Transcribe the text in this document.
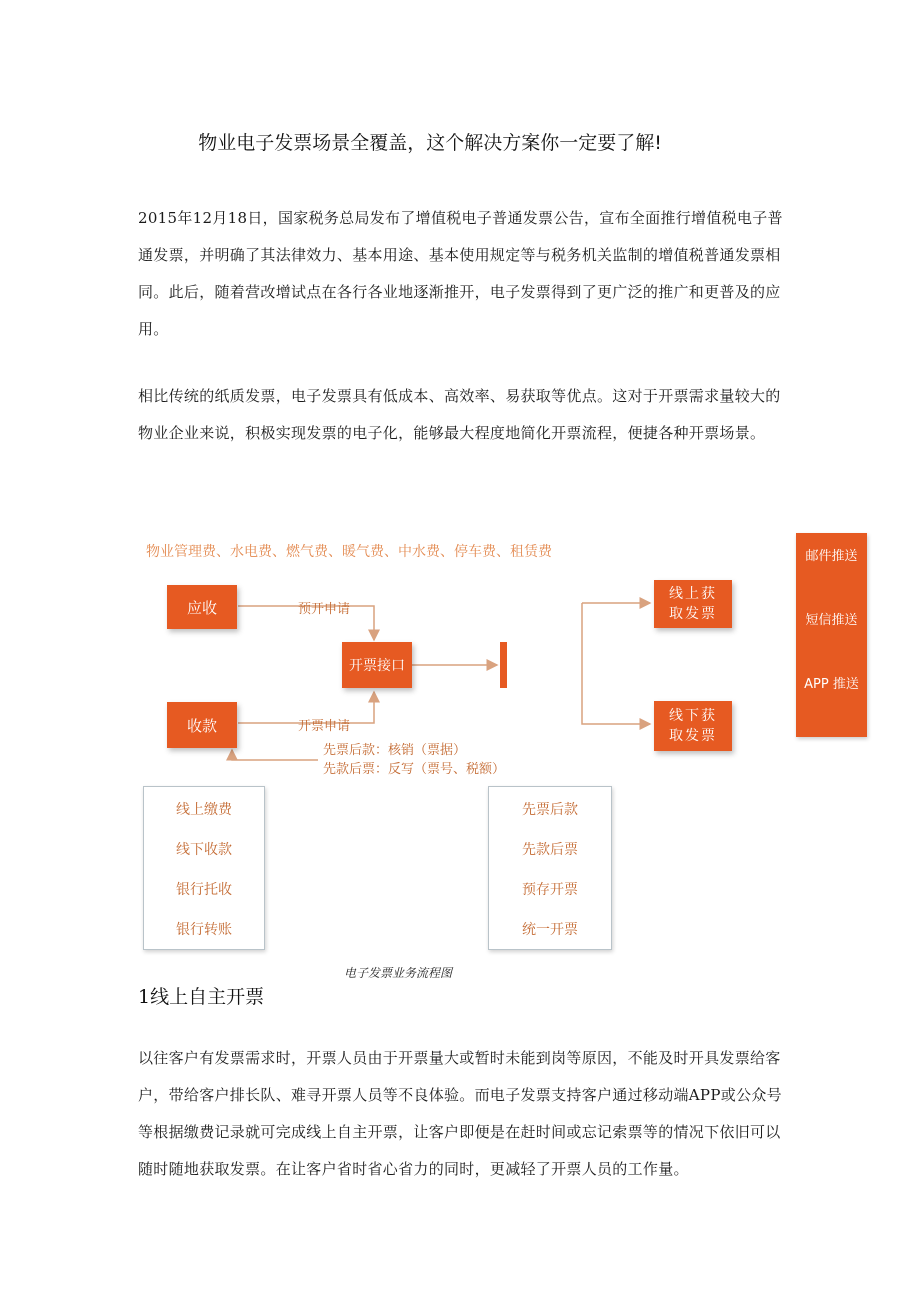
物业电子发票场景全覆盖，这个解决方案你一定要了解!

2015年12月18日，国家税务总局发布了增值税电子普通发票公告，宣布全面推行增值税电子普通发票，并明确了其法律效力、基本用途、基本使用规定等与税务机关监制的增值税普通发票相同。此后，随着营改增试点在各行各业地逐渐推开，电子发票得到了更广泛的推广和更普及的应用。

相比传统的纸质发票，电子发票具有低成本、高效率、易获取等优点。这对于开票需求量较大的物业企业来说，积极实现发票的电子化，能够最大程度地简化开票流程，便捷各种开票场景。

物业管理费、水电费、燃气费、暖气费、中水费、停车费、租赁费
应收
收款
开票接口
线上获取发票
线下获取发票
预开申请
开票申请
先票后款：核销（票据）
先款后票：反写（票号、税额）
线上缴费
线下收款
银行托收
银行转账
先票后款
先款后票
预存开票
统一开票
邮件推送
短信推送
APP 推送
电子发票业务流程图
1线上自主开票

以往客户有发票需求时，开票人员由于开票量大或暂时未能到岗等原因，不能及时开具发票给客户，带给客户排长队、难寻开票人员等不良体验。而电子发票支持客户通过移动端APP或公众号等根据缴费记录就可完成线上自主开票，让客户即便是在赶时间或忘记索票等的情况下依旧可以随时随地获取发票。在让客户省时省心省力的同时，更减轻了开票人员的工作量。
